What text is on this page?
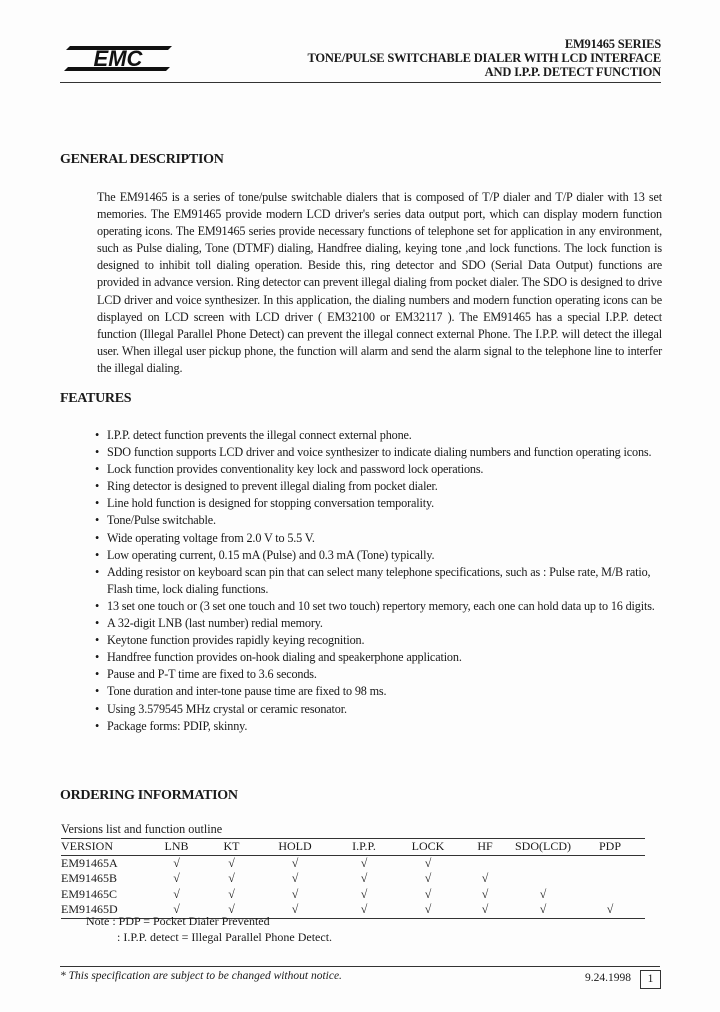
EMC
EM91465 SERIES
TONE/PULSE SWITCHABLE DIALER WITH LCD INTERFACE
AND I.P.P. DETECT FUNCTION
GENERAL DESCRIPTION
The EM91465 is a series of tone/pulse switchable dialers that is composed of T/P dialer and T/P dialer with 13 set memories. The EM91465 provide modern LCD driver's series data output port, which can display modern function operating icons. The EM91465 series provide necessary functions of telephone set for application in any environment, such as Pulse dialing, Tone (DTMF) dialing, Handfree dialing, keying tone ,and lock functions. The lock function is designed to inhibit toll dialing operation. Beside this, ring detector and SDO (Serial Data Output) functions are provided in advance version. Ring detector can prevent illegal dialing from pocket dialer. The SDO is designed to drive LCD driver and voice synthesizer. In this application, the dialing numbers and modern function operating icons can be displayed on LCD screen with LCD driver ( EM32100 or EM32117 ). The EM91465 has a special I.P.P. detect function (Illegal Parallel Phone Detect) can prevent the illegal connect external Phone. The I.P.P. will detect the illegal user. When illegal user pickup phone, the function will alarm and send the alarm signal to the telephone line to interfer the illegal dialing.
FEATURES
• I.P.P. detect function prevents the illegal connect external phone.
• SDO function supports LCD driver and voice synthesizer to indicate dialing numbers and function operating icons.
• Lock function provides conventionality key lock and password lock operations.
• Ring detector is designed to prevent illegal dialing from pocket dialer.
• Line hold function is designed for stopping conversation temporality.
• Tone/Pulse switchable.
• Wide operating voltage from 2.0 V to 5.5 V.
• Low operating current, 0.15 mA (Pulse) and 0.3 mA (Tone) typically.
• Adding resistor on keyboard scan pin that can select many telephone specifications, such as : Pulse rate, M/B ratio, Flash time, lock dialing functions.
• 13 set one touch or (3 set one touch and 10 set two touch) repertory memory, each one can hold data up to 16 digits.
• A 32-digit LNB (last number) redial memory.
• Keytone function provides rapidly keying recognition.
• Handfree function provides on-hook dialing and speakerphone application.
• Pause and P-T time are fixed to 3.6 seconds.
• Tone duration and inter-tone pause time are fixed to 98 ms.
• Using 3.579545 MHz crystal or ceramic resonator.
• Package forms: PDIP, skinny.
ORDERING INFORMATION
Versions list and function outline
VERSION	LNB	KT	HOLD	I.P.P.	LOCK	HF	SDO(LCD)	PDP
EM91465A	√	√	√	√	√
EM91465B	√	√	√	√	√	√
EM91465C	√	√	√	√	√	√	√
EM91465D	√	√	√	√	√	√	√	√
Note : PDP = Pocket Dialer Prevented
: I.P.P. detect = Illegal Parallel Phone Detect.
* This specification are subject to be changed without notice.	9.24.1998	1
